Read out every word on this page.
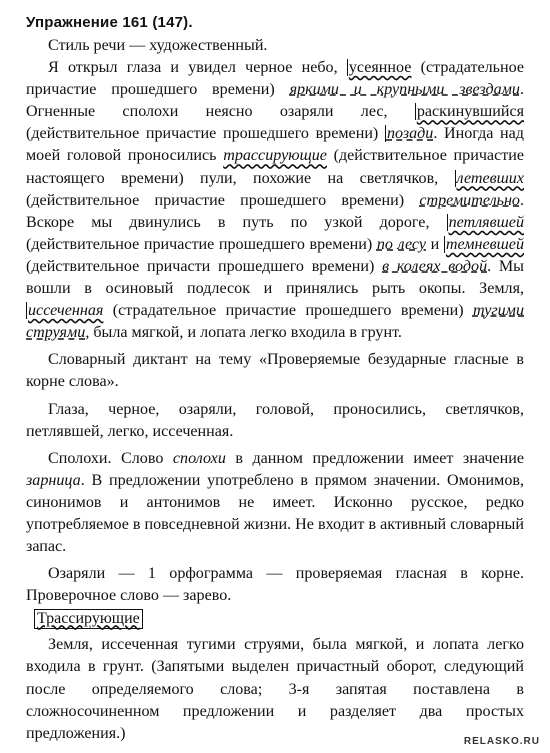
Упражнение 161 (147).

Стиль речи — художественный.

Я открыл глаза и увидел черное небо, усеянное (страдательное причастие прошедшего времени) яркими и крупными звездами. Огненные сполохи неясно озаряли лес, раскинувшийся (действительное причастие прошедшего времени) позади. Иногда над моей головой проносились трассирующие (действительное причастие настоящего времени) пули, похожие на светлячков, летевших (действительное причастие прошедшего времени) стремительно. Вскоре мы двинулись в путь по узкой дороге, петлявшей (действительное причастие прошедшего времени) по лесу и темневшей (действительное причасти прошедшего времени) в колеях водой. Мы вошли в осиновый подлесок и принялись рыть окопы. Земля, иссеченная (страдательное причастие прошедшего времени) тугими струями, была мягкой, и лопата легко входила в грунт.

Словарный диктант на тему «Проверяемые безударные гласные в корне слова».

Глаза, черное, озаряли, головой, проносились, светлячков, петлявшей, легко, иссеченная.

Сполохи. Слово сполохи в данном предложении имеет значение зарница. В предложении употреблено в прямом значении. Омонимов, синонимов и антонимов не имеет. Исконно русское, редко употребляемое в повседневной жизни. Не входит в активный словарный запас.

Озаряли — 1 орфограмма — проверяемая гласная в корне. Проверочное слово — зарево.

Трассирующие

Земля, иссеченная тугими струями, была мягкой, и лопата легко входила в грунт. (Запятыми выделен причастный оборот, следующий после определяемого слова; 3-я запятая поставлена в сложносочиненном предложении и разделяет два простых предложения.)	RELASKO.RU
